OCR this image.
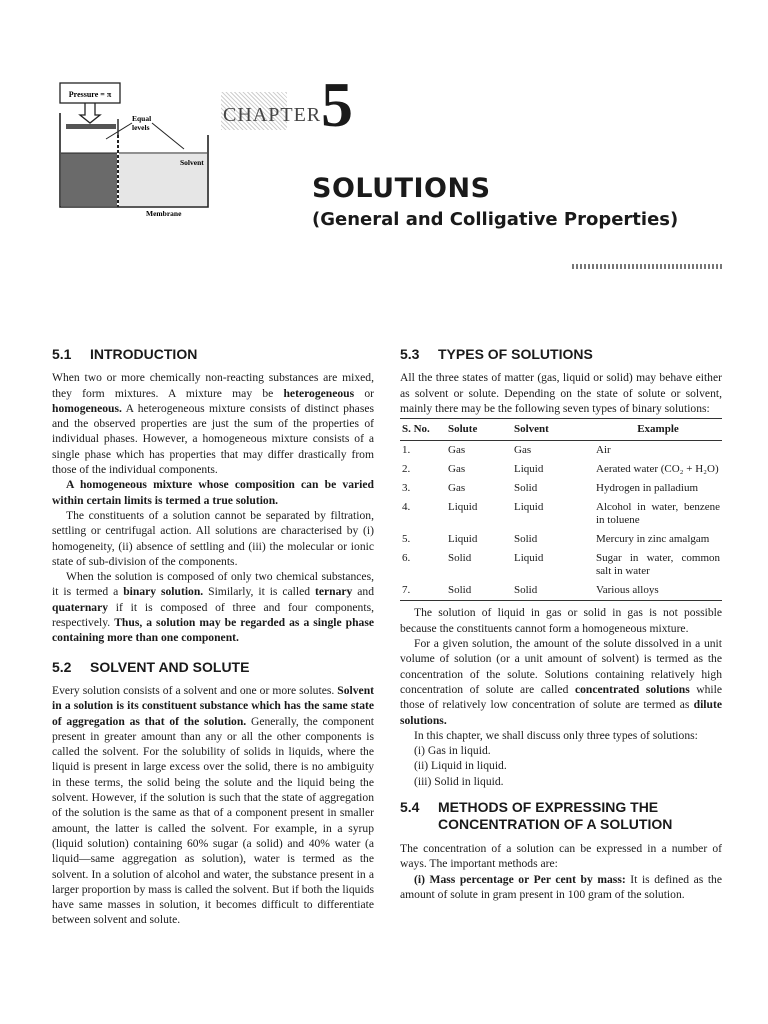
Pressure = π
Equal
levels
Solvent
Membrane
CHAPTER 5
SOLUTIONS
(General and Colligative Properties)
5.1	INTRODUCTION

When two or more chemically non-reacting substances are mixed, they form mixtures. A mixture may be heterogeneous or homogeneous. A heterogeneous mixture consists of distinct phases and the observed properties are just the sum of the properties of individual phases. However, a homogeneous mixture consists of a single phase which has properties that may differ drastically from those of the individual components.

A homogeneous mixture whose composition can be varied within certain limits is termed a true solution.

The constituents of a solution cannot be separated by filtration, settling or centrifugal action. All solutions are characterised by (i) homogeneity, (ii) absence of settling and (iii) the molecular or ionic state of sub-division of the components.

When the solution is composed of only two chemical substances, it is termed a binary solution. Similarly, it is called ternary and quaternary if it is composed of three and four components, respectively. Thus, a solution may be regarded as a single phase containing more than one component.

5.2	SOLVENT AND SOLUTE

Every solution consists of a solvent and one or more solutes. Solvent in a solution is its constituent substance which has the same state of aggregation as that of the solution. Generally, the component present in greater amount than any or all the other components is called the solvent. For the solubility of solids in liquids, where the liquid is present in large excess over the solid, there is no ambiguity in these terms, the solid being the solute and the liquid being the solvent. However, if the solution is such that the state of aggregation of the solution is the same as that of a component present in smaller amount, the latter is called the solvent. For example, in a syrup (liquid solution) containing 60% sugar (a solid) and 40% water (a liquid—same aggregation as solution), water is termed as the solvent. In a solution of alcohol and water, the substance present in a larger proportion by mass is called the solvent. But if both the liquids have same masses in solution, it becomes difficult to differentiate between solvent and solute.

5.3	TYPES OF SOLUTIONS

All the three states of matter (gas, liquid or solid) may behave either as solvent or solute. Depending on the state of solute or solvent, mainly there may be the following seven types of binary solutions:

S. No.	Solute	Solvent	Example
1.	Gas	Gas	Air
2.	Gas	Liquid	Aerated water (CO₂ + H₂O)
3.	Gas	Solid	Hydrogen in palladium
4.	Liquid	Liquid	Alcohol in water, benzene in toluene
5.	Liquid	Solid	Mercury in zinc amalgam
6.	Solid	Liquid	Sugar in water, common salt in water
7.	Solid	Solid	Various alloys

The solution of liquid in gas or solid in gas is not possible because the constituents cannot form a homogeneous mixture.

For a given solution, the amount of the solute dissolved in a unit volume of solution (or a unit amount of solvent) is termed as the concentration of the solute. Solutions containing relatively high concentration of solute are called concentrated solutions while those of relatively low concentration of solute are termed as dilute solutions.

In this chapter, we shall discuss only three types of solutions:

(i) Gas in liquid.
(ii) Liquid in liquid.
(iii) Solid in liquid.
5.4	METHODS OF EXPRESSING THE
CONCENTRATION OF A SOLUTION

The concentration of a solution can be expressed in a number of ways. The important methods are:

(i) Mass percentage or Per cent by mass: It is defined as the amount of solute in gram present in 100 gram of the solution.
